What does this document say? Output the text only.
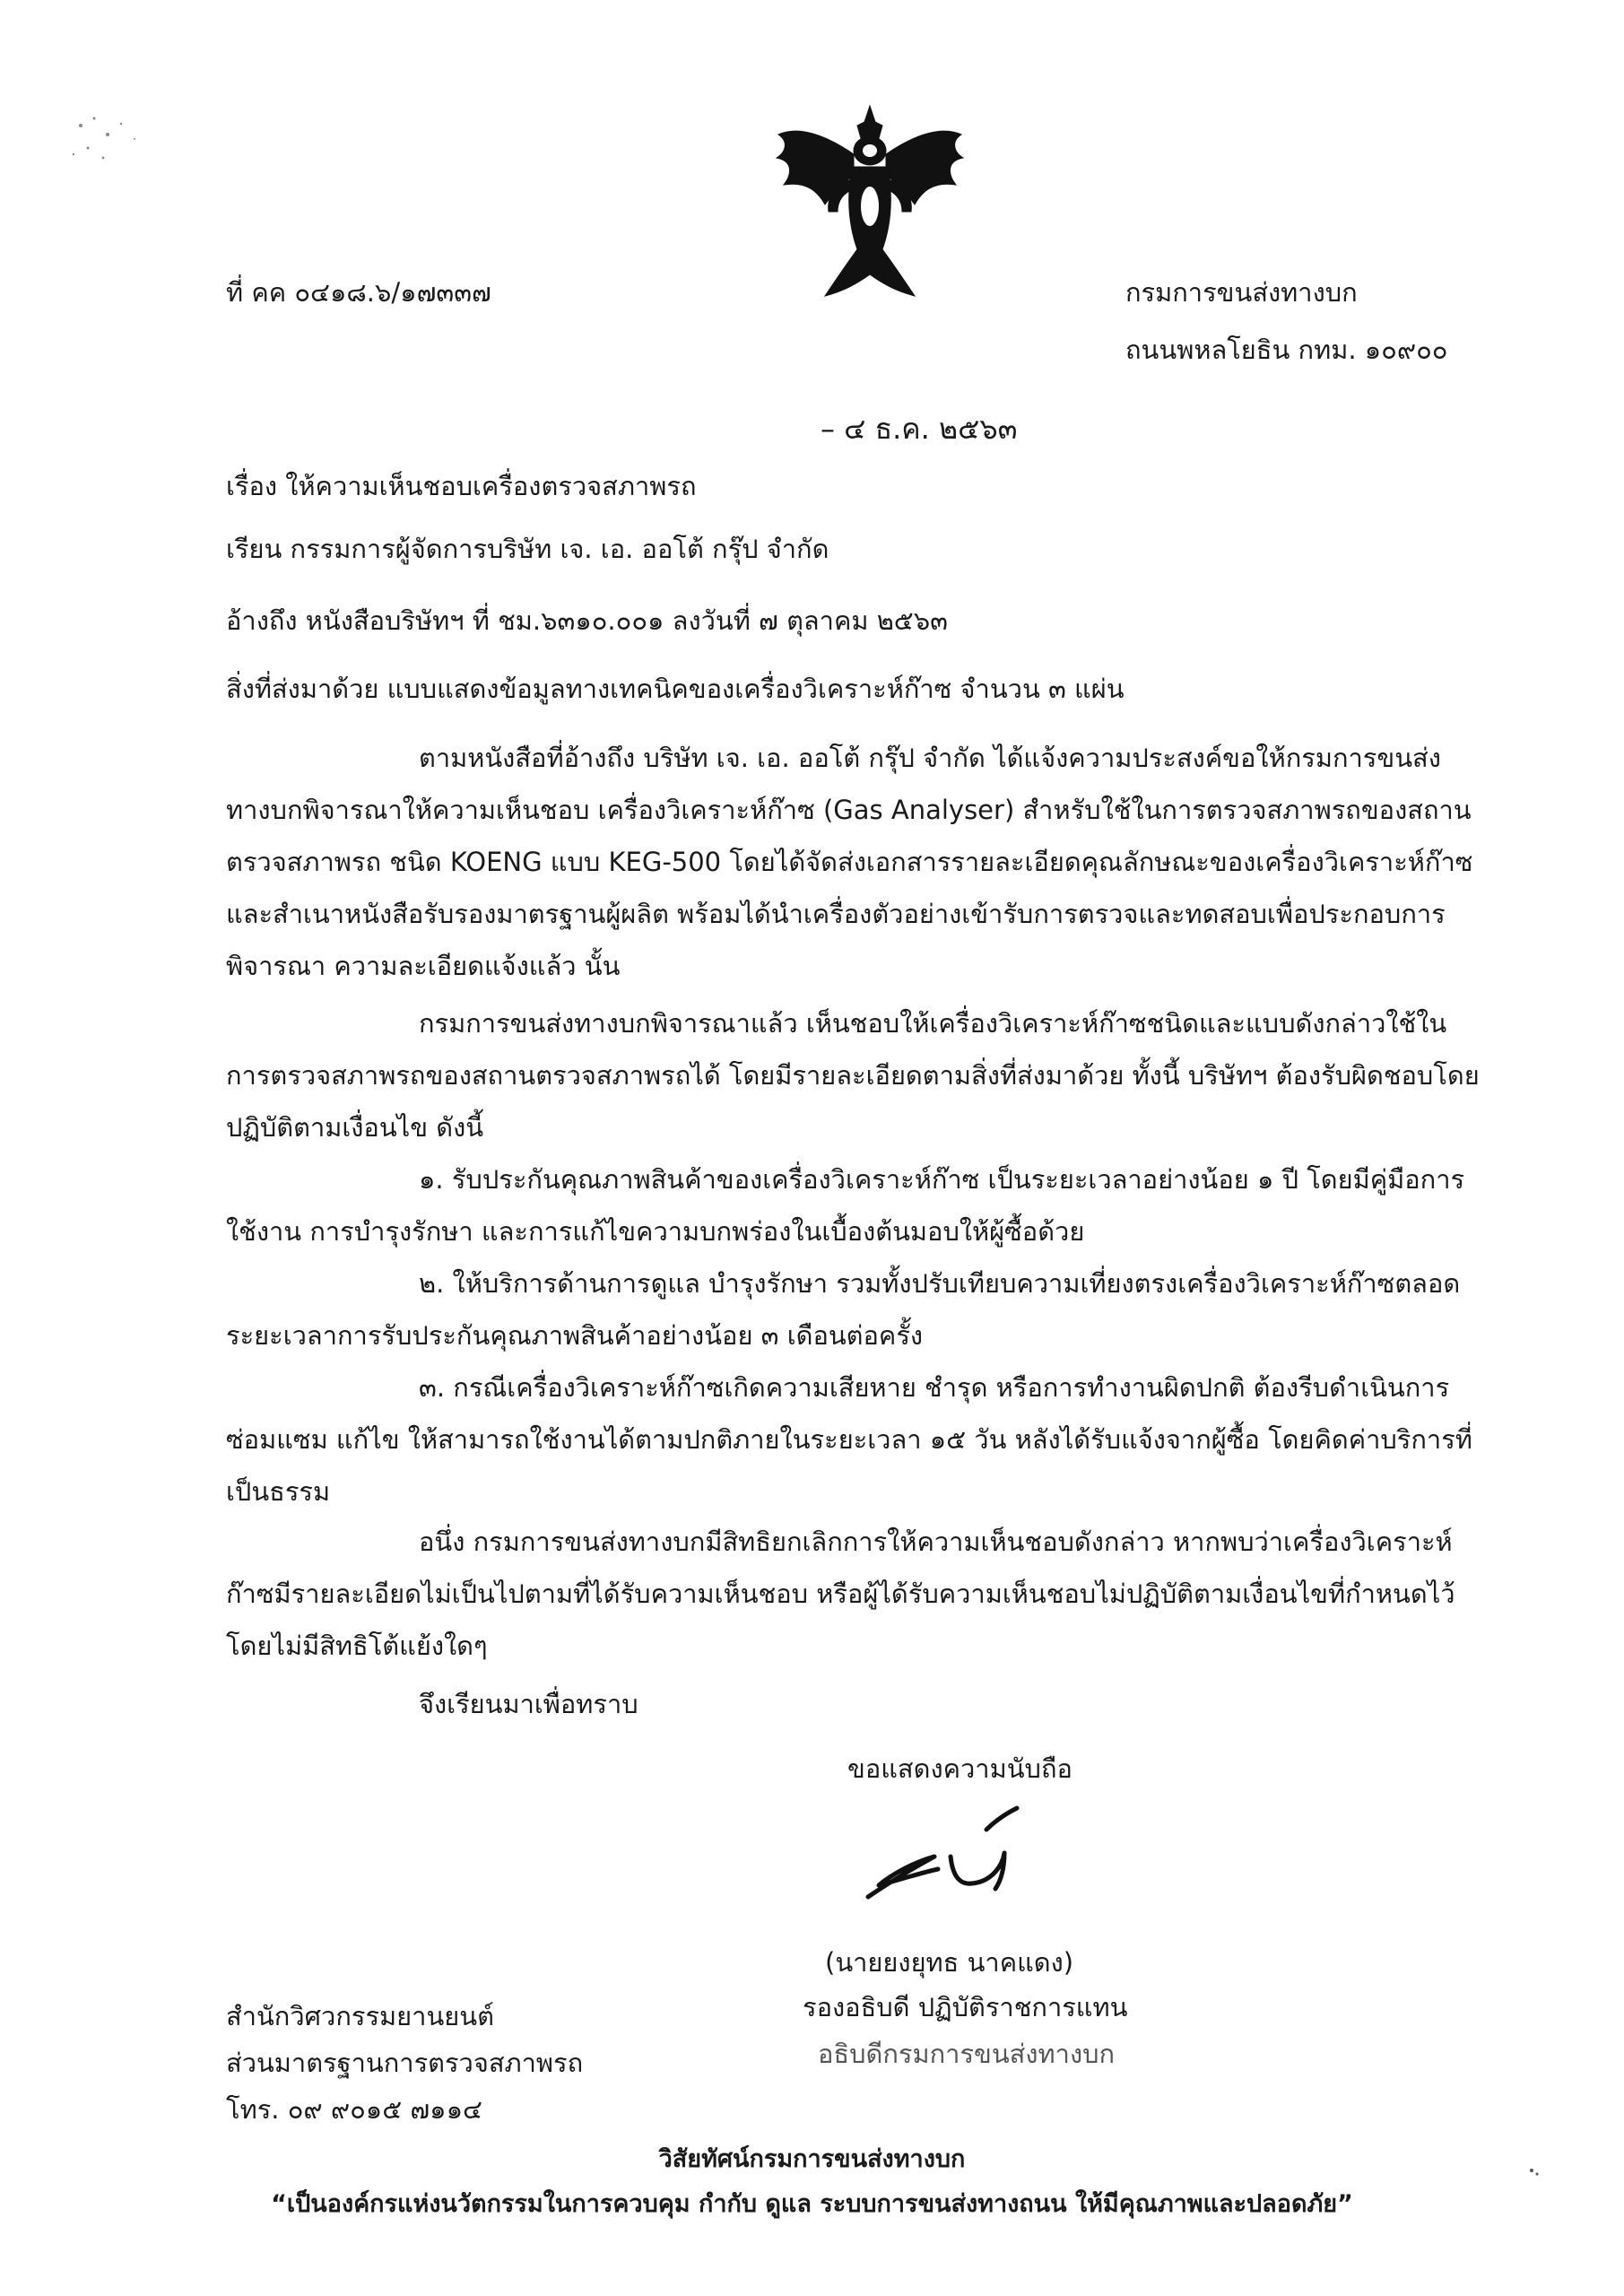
ที่ คค ๐๔๑๘.๖/๑๗๓๓๗	กรมการขนส่งทางบก
ถนนพหลโยธิน กทม. ๑๐๙๐๐
– ๔ ธ.ค. ๒๕๖๓
เรื่อง ให้ความเห็นชอบเครื่องตรวจสภาพรถ
เรียน กรรมการผู้จัดการบริษัท เจ. เอ. ออโต้ กรุ๊ป จำกัด
อ้างถึง หนังสือบริษัทฯ ที่ ชม.๖๓๑๐.๐๐๑ ลงวันที่ ๗ ตุลาคม ๒๕๖๓
สิ่งที่ส่งมาด้วย แบบแสดงข้อมูลทางเทคนิคของเครื่องวิเคราะห์ก๊าซ จำนวน ๓ แผ่น

ตามหนังสือที่อ้างถึง บริษัท เจ. เอ. ออโต้ กรุ๊ป จำกัด ได้แจ้งความประสงค์ขอให้กรมการขนส่งทางบกพิจารณาให้ความเห็นชอบ เครื่องวิเคราะห์ก๊าซ (Gas Analyser) สำหรับใช้ในการตรวจสภาพรถของสถานตรวจสภาพรถ ชนิด KOENG แบบ KEG-500 โดยได้จัดส่งเอกสารรายละเอียดคุณลักษณะของเครื่องวิเคราะห์ก๊าซและสำเนาหนังสือรับรองมาตรฐานผู้ผลิต พร้อมได้นำเครื่องตัวอย่างเข้ารับการตรวจและทดสอบเพื่อประกอบการพิจารณา ความละเอียดแจ้งแล้ว นั้น

กรมการขนส่งทางบกพิจารณาแล้ว เห็นชอบให้เครื่องวิเคราะห์ก๊าซชนิดและแบบดังกล่าวใช้ในการตรวจสภาพรถของสถานตรวจสภาพรถได้ โดยมีรายละเอียดตามสิ่งที่ส่งมาด้วย ทั้งนี้ บริษัทฯ ต้องรับผิดชอบโดยปฏิบัติตามเงื่อนไข ดังนี้

๑. รับประกันคุณภาพสินค้าของเครื่องวิเคราะห์ก๊าซ เป็นระยะเวลาอย่างน้อย ๑ ปี โดยมีคู่มือการใช้งาน การบำรุงรักษา และการแก้ไขความบกพร่องในเบื้องต้นมอบให้ผู้ซื้อด้วย

๒. ให้บริการด้านการดูแล บำรุงรักษา รวมทั้งปรับเทียบความเที่ยงตรงเครื่องวิเคราะห์ก๊าซตลอดระยะเวลาการรับประกันคุณภาพสินค้าอย่างน้อย ๓ เดือนต่อครั้ง

๓. กรณีเครื่องวิเคราะห์ก๊าซเกิดความเสียหาย ชำรุด หรือการทำงานผิดปกติ ต้องรีบดำเนินการซ่อมแซม แก้ไข ให้สามารถใช้งานได้ตามปกติภายในระยะเวลา ๑๕ วัน หลังได้รับแจ้งจากผู้ซื้อ โดยคิดค่าบริการที่เป็นธรรม

อนึ่ง กรมการขนส่งทางบกมีสิทธิยกเลิกการให้ความเห็นชอบดังกล่าว หากพบว่าเครื่องวิเคราะห์ก๊าซมีรายละเอียดไม่เป็นไปตามที่ได้รับความเห็นชอบ หรือผู้ได้รับความเห็นชอบไม่ปฏิบัติตามเงื่อนไขที่กำหนดไว้ โดยไม่มีสิทธิโต้แย้งใดๆ

จึงเรียนมาเพื่อทราบ
ขอแสดงความนับถือ
(นายยงยุทธ นาคแดง)
รองอธิบดี ปฏิบัติราชการแทน
อธิบดีกรมการขนส่งทางบก
สำนักวิศวกรรมยานยนต์
ส่วนมาตรฐานการตรวจสภาพรถ
โทร. ๐๙ ๙๐๑๕ ๗๑๑๔
วิสัยทัศน์กรมการขนส่งทางบก
“เป็นองค์กรแห่งนวัตกรรมในการควบคุม กำกับ ดูแล ระบบการขนส่งทางถนน ให้มีคุณภาพและปลอดภัย”
